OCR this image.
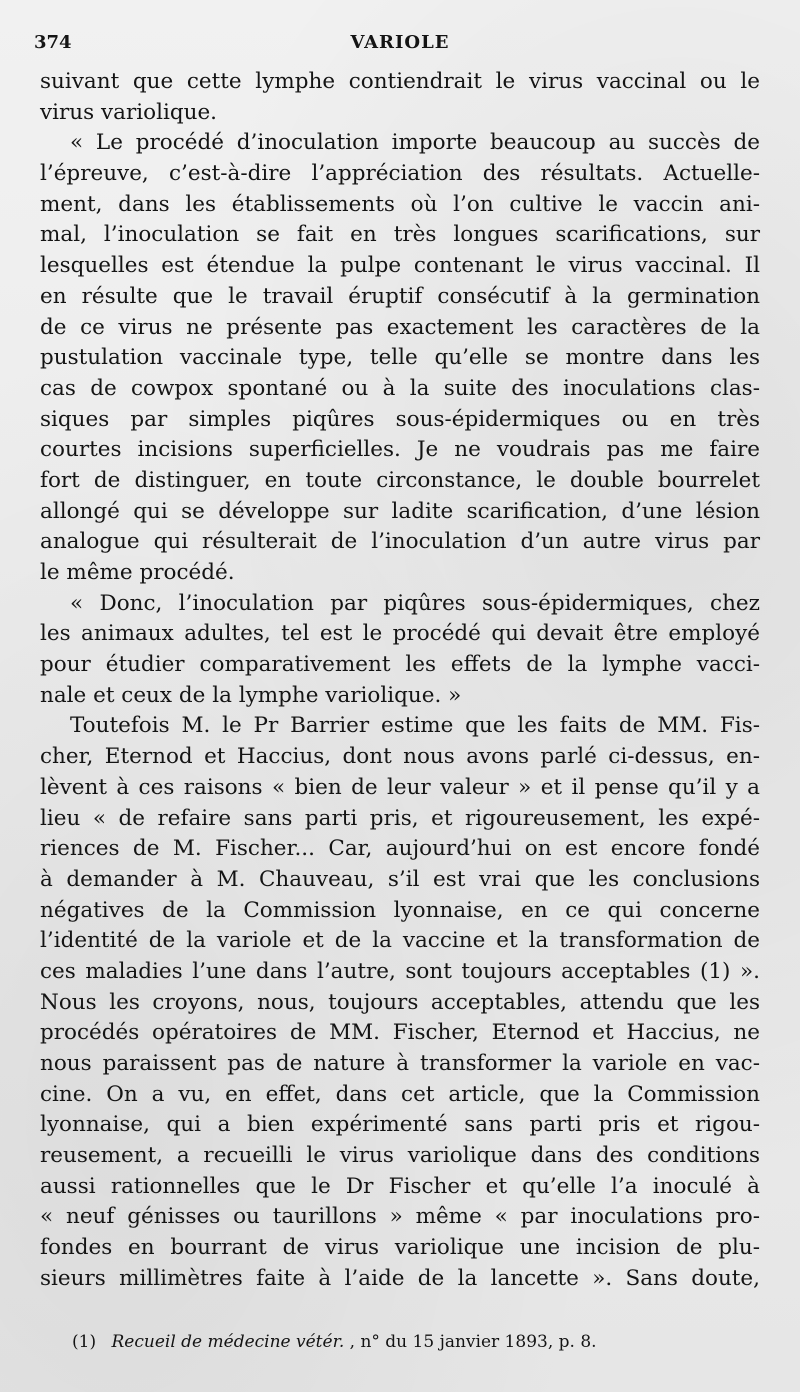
374	VARIOLE
suivant que cette lymphe contiendrait le virus vaccinal ou le
virus variolique.
« Le procédé d’inoculation importe beaucoup au succès de
l’épreuve, c’est-à-dire l’appréciation des résultats. Actuelle-
ment, dans les établissements où l’on cultive le vaccin ani-
mal, l’inoculation se fait en très longues scarifications, sur
lesquelles est étendue la pulpe contenant le virus vaccinal. Il
en résulte que le travail éruptif consécutif à la germination
de ce virus ne présente pas exactement les caractères de la
pustulation vaccinale type, telle qu’elle se montre dans les
cas de cowpox spontané ou à la suite des inoculations clas-
siques par simples piqûres sous-épidermiques ou en très
courtes incisions superficielles. Je ne voudrais pas me faire
fort de distinguer, en toute circonstance, le double bourrelet
allongé qui se développe sur ladite scarification, d’une lésion
analogue qui résulterait de l’inoculation d’un autre virus par
le même procédé.
« Donc, l’inoculation par piqûres sous-épidermiques, chez
les animaux adultes, tel est le procédé qui devait être employé
pour étudier comparativement les effets de la lymphe vacci-
nale et ceux de la lymphe variolique. »
Toutefois M. le Pr Barrier estime que les faits de MM. Fis-
cher, Eternod et Haccius, dont nous avons parlé ci-dessus, en-
lèvent à ces raisons « bien de leur valeur » et il pense qu’il y a
lieu « de refaire sans parti pris, et rigoureusement, les expé-
riences de M. Fischer... Car, aujourd’hui on est encore fondé
à demander à M. Chauveau, s’il est vrai que les conclusions
négatives de la Commission lyonnaise, en ce qui concerne
l’identité de la variole et de la vaccine et la transformation de
ces maladies l’une dans l’autre, sont toujours acceptables (1) ».
Nous les croyons, nous, toujours acceptables, attendu que les
procédés opératoires de MM. Fischer, Eternod et Haccius, ne
nous paraissent pas de nature à transformer la variole en vac-
cine. On a vu, en effet, dans cet article, que la Commission
lyonnaise, qui a bien expérimenté sans parti pris et rigou-
reusement, a recueilli le virus variolique dans des conditions
aussi rationnelles que le Dr Fischer et qu’elle l’a inoculé à
« neuf génisses ou taurillons » même « par inoculations pro-
fondes en bourrant de virus variolique une incision de plu-
sieurs millimètres faite à l’aide de la lancette ». Sans doute,
(1) Recueil de médecine vétér. , n° du 15 janvier 1893, p. 8.
